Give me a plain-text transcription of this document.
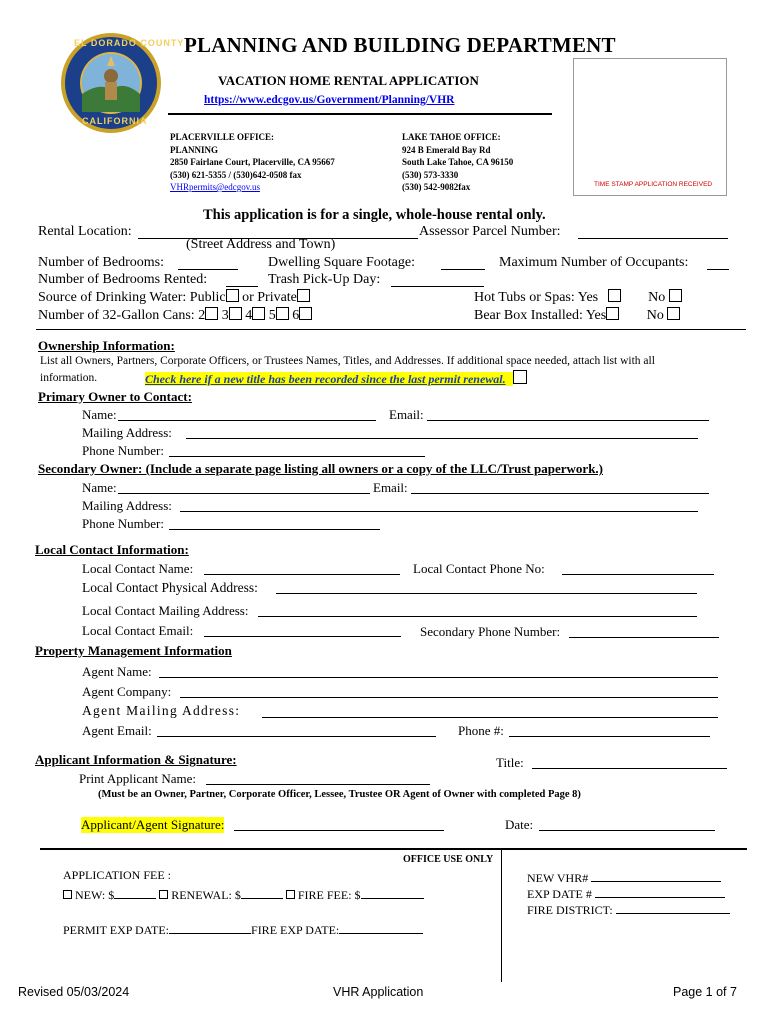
EL DORADO COUNTY
CALIFORNIA
PLANNING AND BUILDING DEPARTMENT
VACATION HOME RENTAL APPLICATION
https://www.edcgov.us/Government/Planning/VHR
TIME STAMP APPLICATION RECEIVED
PLACERVILLE OFFICE:
PLANNING
2850 Fairlane Court, Placerville, CA 95667
(530) 621-5355 / (530)642-0508 fax
VHRpermits@edcgov.us
LAKE TAHOE OFFICE:
924 B Emerald Bay Rd
South Lake Tahoe, CA 96150
(530) 573-3330
(530) 542-9082fax
This application is for a single, whole-house rental only.
Rental Location:	Assessor Parcel Number:
(Street Address and Town)
Number of Bedrooms:	Dwelling Square Footage:	Maximum Number of Occupants:
Number of Bedrooms Rented:	Trash Pick-Up Day:
Source of Drinking Water: Public or Private	Hot Tubs or Spas: Yes	No
Number of 32-Gallon Cans: 2 3 4 5 6	Bear Box Installed: Yes	No
Ownership Information:
List all Owners, Partners, Corporate Officers, or Trustees Names, Titles, and Addresses. If additional space needed, attach list with all
information.	Check here if a new title has been recorded since the last permit renewal.
Primary Owner to Contact:
Name:	Email:
Mailing Address:
Phone Number:
Secondary Owner: (Include a separate page listing all owners or a copy of the LLC/Trust paperwork.)
Name:	Email:
Mailing Address:
Phone Number:
Local Contact Information:
Local Contact Name:	Local Contact Phone No:
Local Contact Physical Address:
Local Contact Mailing Address:
Local Contact Email:	Secondary Phone Number:
Property Management Information
Agent Name:
Agent Company:
Agent Mailing Address:
Agent Email:	Phone #:
Applicant Information & Signature:	Title:
Print Applicant Name:
(Must be an Owner, Partner, Corporate Officer, Lessee, Trustee OR Agent of Owner with completed Page 8)
Applicant/Agent Signature:	Date:
OFFICE USE ONLY
APPLICATION FEE :
NEW: $	RENEWAL: $	FIRE FEE: $
PERMIT EXP DATE:	FIRE EXP DATE:
NEW VHR#
EXP DATE #
FIRE DISTRICT:
Revised 05/03/2024	VHR Application	Page 1 of 7
